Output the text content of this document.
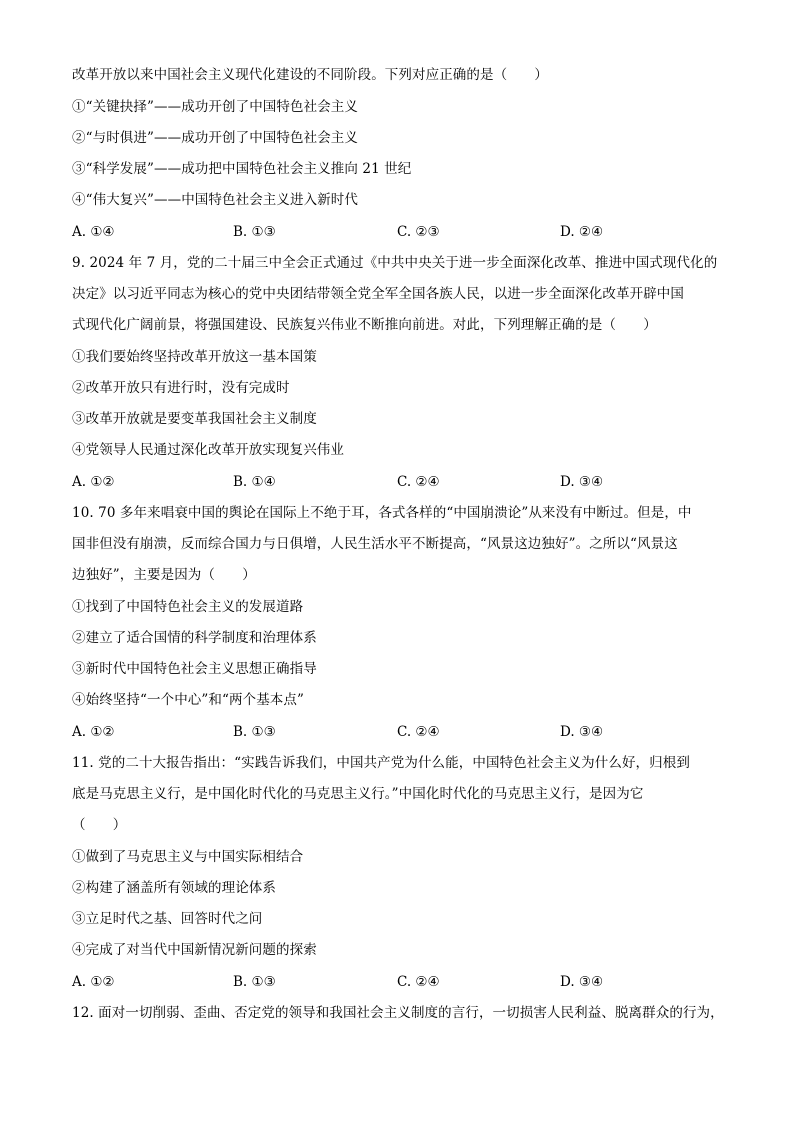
改革开放以来中国社会主义现代化建设的不同阶段。下列对应正确的是（　　）
①“关键抉择”——成功开创了中国特色社会主义
②“与时俱进”——成功开创了中国特色社会主义
③“科学发展”——成功把中国特色社会主义推向 21 世纪
④“伟大复兴”——中国特色社会主义进入新时代
A. ①④	B. ①③	C. ②③	D. ②④
9. 2024 年 7 月，党的二十届三中全会正式通过《中共中央关于进一步全面深化改革、推进中国式现代化的
决定》以习近平同志为核心的党中央团结带领全党全军全国各族人民，以进一步全面深化改革开辟中国
式现代化广阔前景，将强国建设、民族复兴伟业不断推向前进。对此，下列理解正确的是（　　）
①我们要始终坚持改革开放这一基本国策
②改革开放只有进行时，没有完成时
③改革开放就是要变革我国社会主义制度
④党领导人民通过深化改革开放实现复兴伟业
A. ①②	B. ①④	C. ②④	D. ③④
10. 70 多年来唱衰中国的舆论在国际上不绝于耳，各式各样的“中国崩溃论”从来没有中断过。但是，中
国非但没有崩溃，反而综合国力与日俱增，人民生活水平不断提高，“风景这边独好”。之所以“风景这
边独好”，主要是因为（　　）
①找到了中国特色社会主义的发展道路
②建立了适合国情的科学制度和治理体系
③新时代中国特色社会主义思想正确指导
④始终坚持“一个中心”和“两个基本点”
A. ①②	B. ①③	C. ②④	D. ③④
11. 党的二十大报告指出：“实践告诉我们，中国共产党为什么能，中国特色社会主义为什么好，归根到
底是马克思主义行，是中国化时代化的马克思主义行。”中国化时代化的马克思主义行，是因为它
（　　）
①做到了马克思主义与中国实际相结合
②构建了涵盖所有领域的理论体系
③立足时代之基、回答时代之问
④完成了对当代中国新情况新问题的探索
A. ①②	B. ①③	C. ②④	D. ③④
12. 面对一切削弱、歪曲、否定党的领导和我国社会主义制度的言行，一切损害人民利益、脱离群众的行为，
